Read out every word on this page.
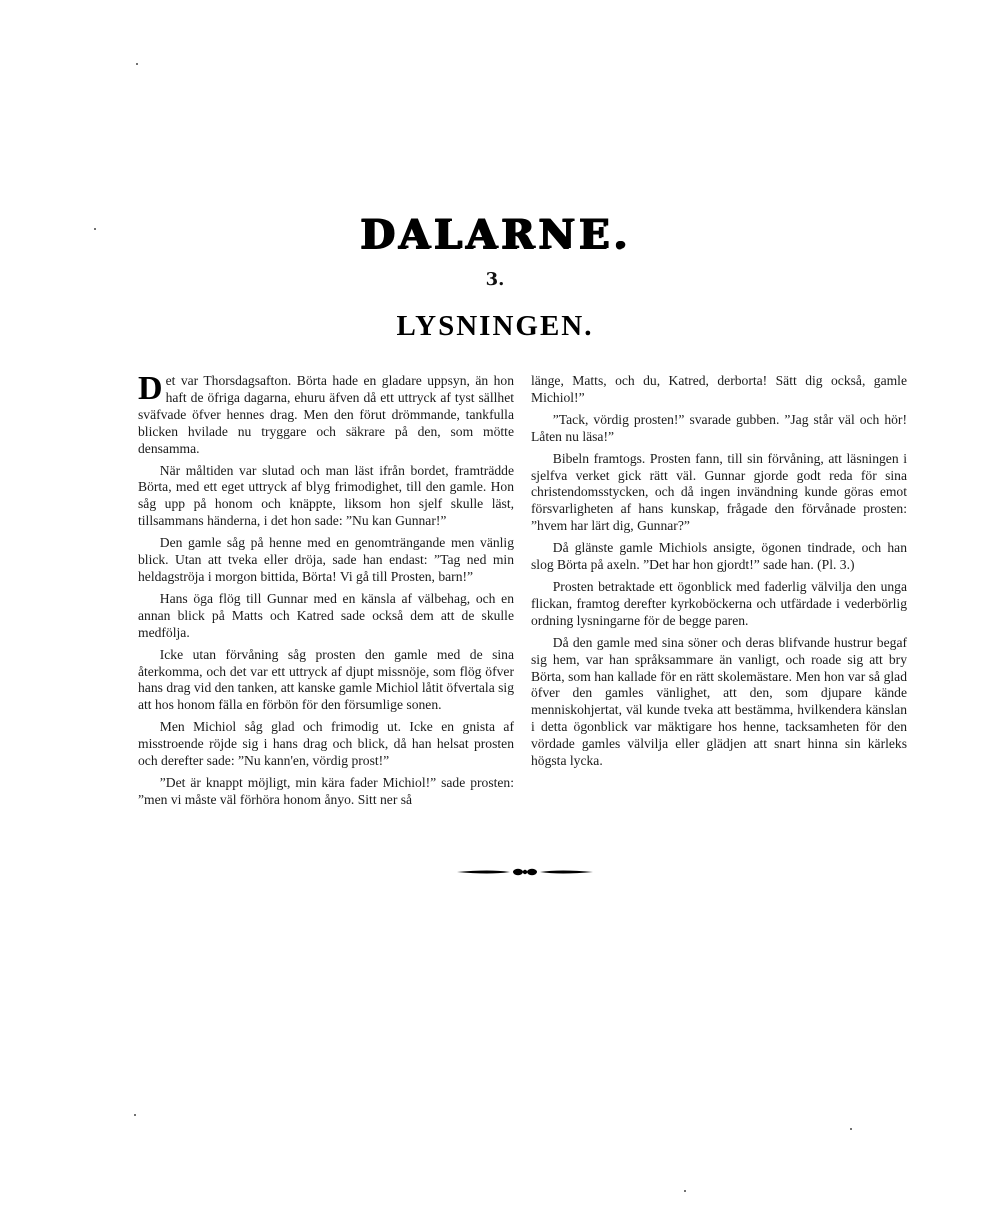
DALARNE.
3.
LYSNINGEN.

Det var Thorsdagsafton. Börta hade en gladare uppsyn, än hon haft de öfriga dagarna, ehuru äfven då ett uttryck af tyst sällhet sväfvade öfver hennes drag. Men den förut drömmande, tankfulla blicken hvilade nu tryggare och säkrare på den, som mötte densamma.

När måltiden var slutad och man läst ifrån bordet, framträdde Börta, med ett eget uttryck af blyg frimodighet, till den gamle. Hon såg upp på honom och knäppte, liksom hon sjelf skulle läst, tillsammans händerna, i det hon sade: ”Nu kan Gunnar!”

Den gamle såg på henne med en genomträngande men vänlig blick. Utan att tveka eller dröja, sade han endast: ”Tag ned min heldagströja i morgon bittida, Börta! Vi gå till Prosten, barn!”

Hans öga flög till Gunnar med en känsla af välbehag, och en annan blick på Matts och Katred sade också dem att de skulle medfölja.

Icke utan förvåning såg prosten den gamle med de sina återkomma, och det var ett uttryck af djupt missnöje, som flög öfver hans drag vid den tanken, att kanske gamle Michiol låtit öfvertala sig att hos honom fälla en förbön för den försumlige sonen.

Men Michiol såg glad och frimodig ut. Icke en gnista af misstroende röjde sig i hans drag och blick, då han helsat prosten och derefter sade: ”Nu kann'en, vördig prost!”

”Det är knappt möjligt, min kära fader Michiol!” sade prosten: ”men vi måste väl förhöra honom ånyo. Sitt ner så

länge, Matts, och du, Katred, derborta! Sätt dig också, gamle Michiol!”

”Tack, vördig prosten!” svarade gubben. ”Jag står väl och hör! Låten nu läsa!”

Bibeln framtogs. Prosten fann, till sin förvåning, att läsningen i sjelfva verket gick rätt väl. Gunnar gjorde godt reda för sina christendomsstycken, och då ingen invändning kunde göras emot försvarligheten af hans kunskap, frågade den förvånade prosten: ”hvem har lärt dig, Gunnar?”

Då glänste gamle Michiols ansigte, ögonen tindrade, och han slog Börta på axeln. ”Det har hon gjordt!” sade han. (Pl. 3.)

Prosten betraktade ett ögonblick med faderlig välvilja den unga flickan, framtog derefter kyrkoböckerna och utfärdade i vederbörlig ordning lysningarne för de begge paren.

Då den gamle med sina söner och deras blifvande hustrur begaf sig hem, var han språksammare än vanligt, och roade sig att bry Börta, som han kallade för en rätt skolemästare. Men hon var så glad öfver den gamles vänlighet, att den, som djupare kände menniskohjertat, väl kunde tveka att bestämma, hvilkendera känslan i detta ögonblick var mäktigare hos henne, tacksamheten för den vördade gamles välvilja eller glädjen att snart hinna sin kärleks högsta lycka.
